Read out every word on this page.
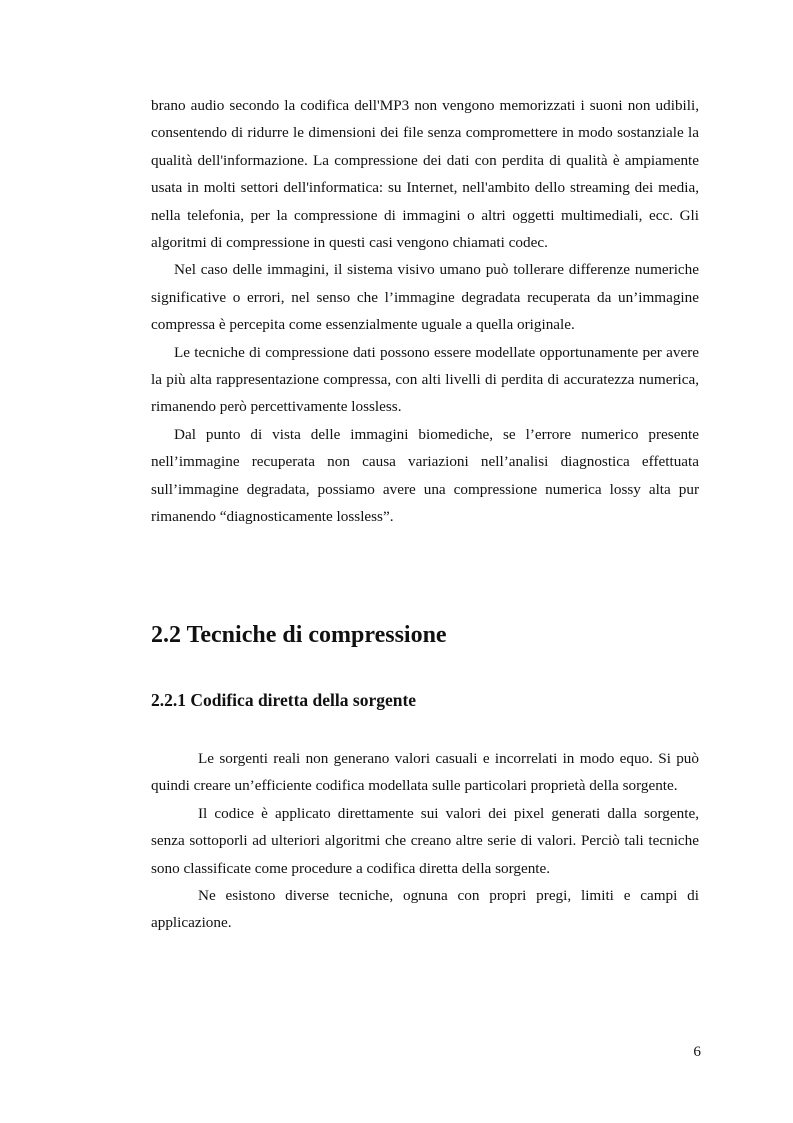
brano audio secondo la codifica dell'MP3 non vengono memorizzati i suoni non udibili, consentendo di ridurre le dimensioni dei file senza compromettere in modo sostanziale la qualità dell'informazione. La compressione dei dati con perdita di qualità è ampiamente usata in molti settori dell'informatica: su Internet, nell'ambito dello streaming dei media, nella telefonia, per la compressione di immagini o altri oggetti multimediali, ecc. Gli algoritmi di compressione in questi casi vengono chiamati codec.

Nel caso delle immagini, il sistema visivo umano può tollerare differenze numeriche significative o errori, nel senso che l’immagine degradata recuperata da un’immagine compressa è percepita come essenzialmente uguale a quella originale.

Le tecniche di compressione dati possono essere modellate opportunamente per avere la più alta rappresentazione compressa, con alti livelli di perdita di accuratezza numerica, rimanendo però percettivamente lossless.

Dal punto di vista delle immagini biomediche, se l’errore numerico presente nell’immagine recuperata non causa variazioni nell’analisi diagnostica effettuata sull’immagine degradata, possiamo avere una compressione numerica lossy alta pur rimanendo “diagnosticamente lossless”.

2.2 Tecniche di compressione
2.2.1 Codifica diretta della sorgente

Le sorgenti reali non generano valori casuali e incorrelati in modo equo. Si può quindi creare un’efficiente codifica modellata sulle particolari proprietà della sorgente.

Il codice è applicato direttamente sui valori dei pixel generati dalla sorgente, senza sottoporli ad ulteriori algoritmi che creano altre serie di valori. Perciò tali tecniche sono classificate come procedure a codifica diretta della sorgente.

Ne esistono diverse tecniche, ognuna con propri pregi, limiti e campi di applicazione.

6
